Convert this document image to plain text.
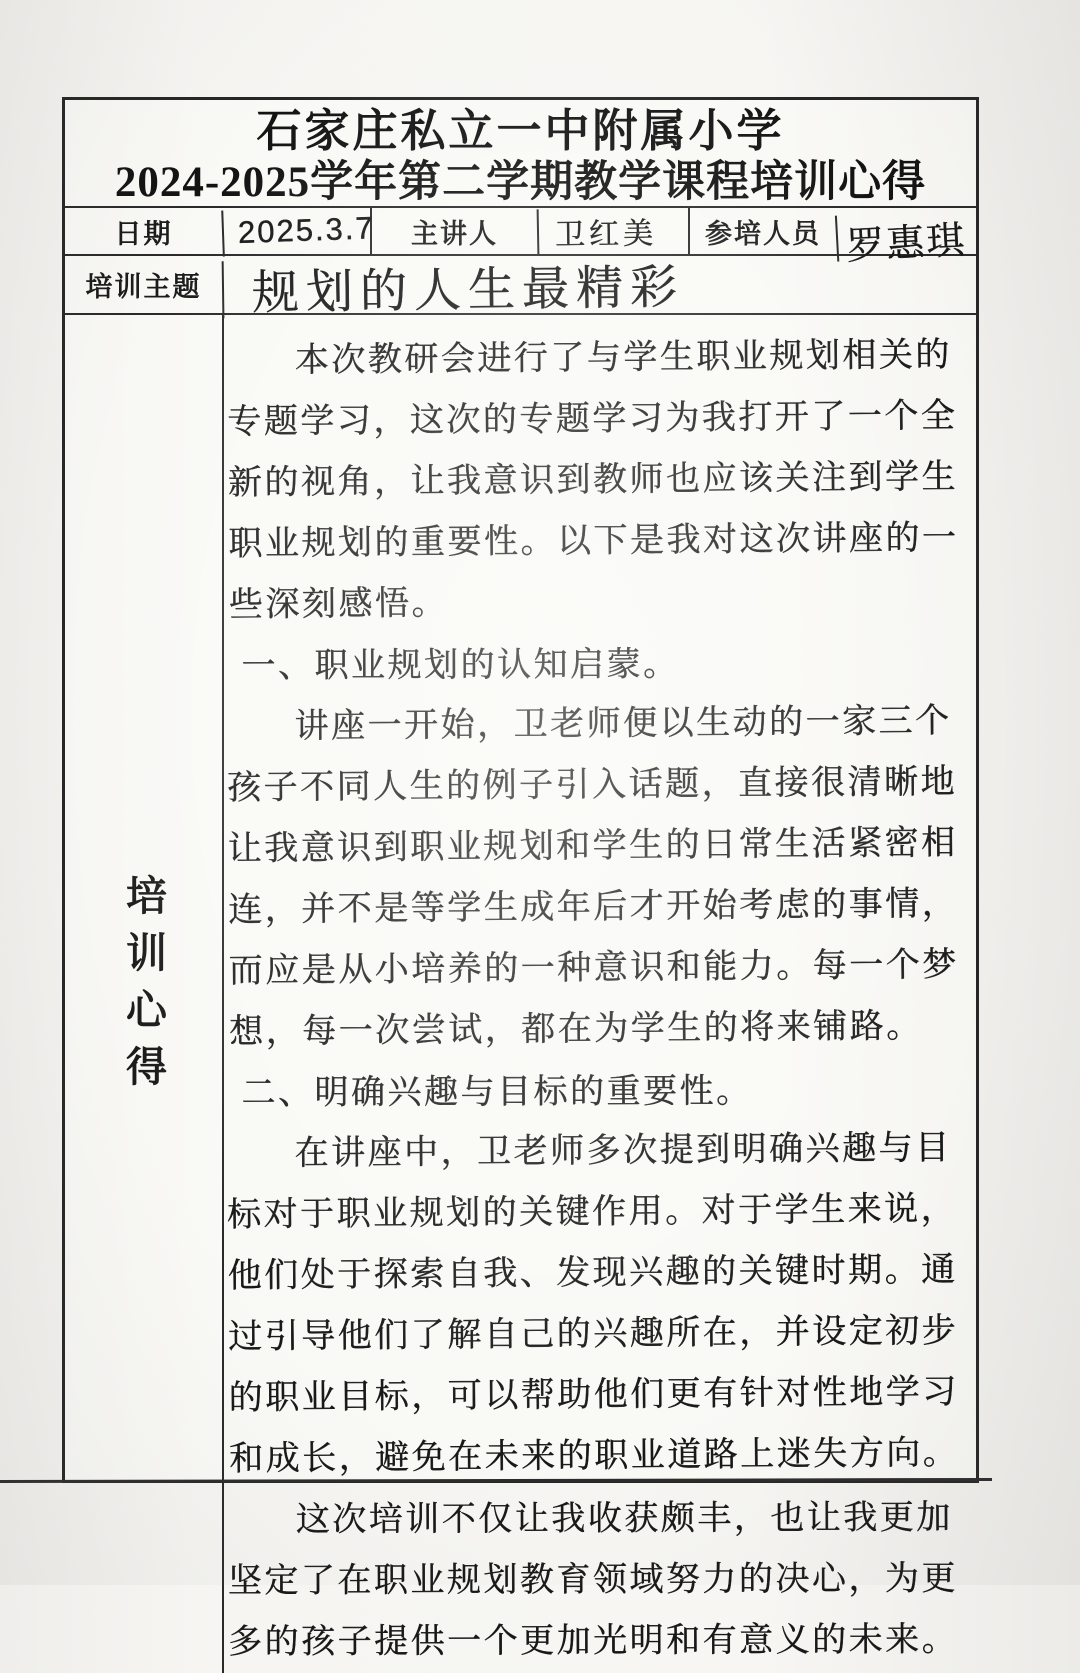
石家庄私立一中附属小学
2024-2025学年第二学期教学课程培训心得
日期	2025.3.7	主讲人	卫红美	参培人员 罗惠琪
培训主题	规划的人生最精彩
培训心得
本次教研会进行了与学生职业规划相关的专题学习，这次的专题学习为我打开了一个全新的视角，让我意识到教师也应该关注到学生职业规划的重要性。以下是我对这次讲座的一些深刻感悟。
一、职业规划的认知启蒙。
讲座一开始，卫老师便以生动的一家三个孩子不同人生的例子引入话题，直接很清晰地让我意识到职业规划和学生的日常生活紧密相连，并不是等学生成年后才开始考虑的事情，而应是从小培养的一种意识和能力。每一个梦想，每一次尝试，都在为学生的将来铺路。
二、明确兴趣与目标的重要性。
在讲座中，卫老师多次提到明确兴趣与目标对于职业规划的关键作用。对于学生来说，他们处于探索自我、发现兴趣的关键时期。通过引导他们了解自己的兴趣所在，并设定初步的职业目标，可以帮助他们更有针对性地学习和成长，避免在未来的职业道路上迷失方向。
这次培训不仅让我收获颇丰，也让我更加坚定了在职业规划教育领域努力的决心，为更多的孩子提供一个更加光明和有意义的未来。
